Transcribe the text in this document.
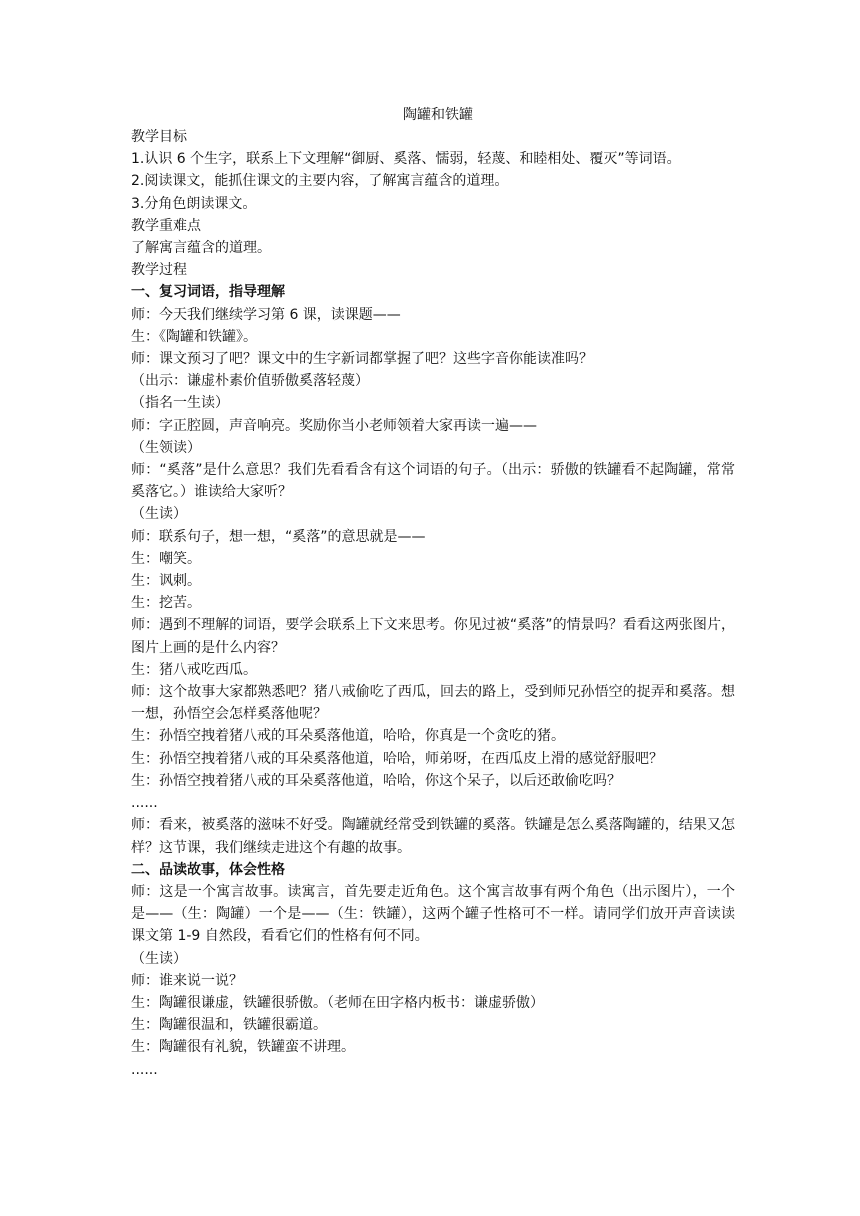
陶罐和铁罐
教学目标
1.认识 6 个生字，联系上下文理解“御厨、奚落、懦弱，轻蔑、和睦相处、覆灭”等词语。
2.阅读课文，能抓住课文的主要内容，了解寓言蕴含的道理。
3.分角色朗读课文。
教学重难点
了解寓言蕴含的道理。
教学过程
一、复习词语，指导理解
师：今天我们继续学习第 6 课，读课题——
生：《陶罐和铁罐》。
师：课文预习了吧？课文中的生字新词都掌握了吧？这些字音你能读准吗？
（出示：谦虚朴素价值骄傲奚落轻蔑）
（指名一生读）
师：字正腔圆，声音响亮。奖励你当小老师领着大家再读一遍——
（生领读）
师：“奚落”是什么意思？我们先看看含有这个词语的句子。（出示：骄傲的铁罐看不起陶罐，常常奚落它。）谁读给大家听？
（生读）
师：联系句子，想一想，“奚落”的意思就是——
生：嘲笑。
生：讽刺。
生：挖苦。
师：遇到不理解的词语，要学会联系上下文来思考。你见过被“奚落”的情景吗？看看这两张图片，图片上画的是什么内容？
生：猪八戒吃西瓜。
师：这个故事大家都熟悉吧？猪八戒偷吃了西瓜，回去的路上，受到师兄孙悟空的捉弄和奚落。想一想，孙悟空会怎样奚落他呢？
生：孙悟空拽着猪八戒的耳朵奚落他道，哈哈，你真是一个贪吃的猪。
生：孙悟空拽着猪八戒的耳朵奚落他道，哈哈，师弟呀，在西瓜皮上滑的感觉舒服吧？
生：孙悟空拽着猪八戒的耳朵奚落他道，哈哈，你这个呆子，以后还敢偷吃吗？
......
师：看来，被奚落的滋味不好受。陶罐就经常受到铁罐的奚落。铁罐是怎么奚落陶罐的，结果又怎样？这节课，我们继续走进这个有趣的故事。
二、品读故事，体会性格
师：这是一个寓言故事。读寓言，首先要走近角色。这个寓言故事有两个角色（出示图片），一个是——（生：陶罐）一个是——（生：铁罐），这两个罐子性格可不一样。请同学们放开声音读读课文第 1-9 自然段，看看它们的性格有何不同。
（生读）
师：谁来说一说？
生：陶罐很谦虚，铁罐很骄傲。（老师在田字格内板书：谦虚骄傲）
生：陶罐很温和，铁罐很霸道。
生：陶罐很有礼貌，铁罐蛮不讲理。
......
